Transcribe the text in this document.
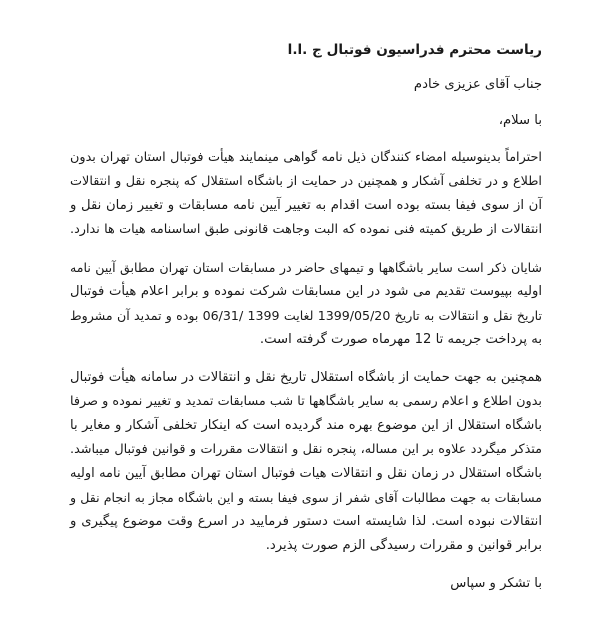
ریاست محترم فدراسیون فوتبال ج .ا.ا
جناب آقای عزیزی خادم
با سلام،
احتراماً بدینوسیله امضاء کنندگان ذیل نامه گواهی مینمایند هیأت فوتبال استان تهران بدون
اطلاع و در تخلفی آشکار و همچنین در حمایت از باشگاه استقلال که پنجره نقل و انتقالات
آن از سوی فیفا بسته بوده است اقدام به تغییر آیین نامه مسابقات و تغییر زمان نقل و
انتقالات از طریق کمیته فنی نموده که البت وجاهت قانونی طبق اساسنامه هیات ها ندارد.
شایان ذکر است سایر باشگاهها و تیمهای حاضر در مسابقات استان تهران مطابق آیین نامه
اولیه بپیوست تقدیم می شود در این مسابقات شرکت نموده و برابر اعلام هیأت فوتبال
تاریخ نقل و انتقالات به تاریخ 1399/05/20 لغایت 1399 /06/31 بوده و تمدید آن مشروط
به پرداخت جریمه تا 12 مهرماه صورت گرفته است.
همچنین به جهت حمایت از باشگاه استقلال تاریخ نقل و انتقالات در سامانه هیأت فوتبال
بدون اطلاع و اعلام رسمی به سایر باشگاهها تا شب مسابقات تمدید و تغییر نموده و صرفا
باشگاه استقلال از این موضوع بهره مند گردیده است که اینکار تخلفی آشکار و مغایر با
متذکر میگردد علاوه بر این مساله، پنجره نقل و انتقالات مقررات و قوانین فوتبال میباشد.
باشگاه استقلال در زمان نقل و انتقالات هیات فوتبال استان تهران مطابق آیین نامه اولیه
مسابقات به جهت مطالبات آقای شفر از سوی فیفا بسته و این باشگاه مجاز به انجام نقل و
انتقالات نبوده است. لذا شایسته است دستور فرمایید در اسرع وقت موضوع پیگیری و
برابر قوانین و مقررات رسیدگی الزم صورت پذیرد.
با تشکر و سپاس
